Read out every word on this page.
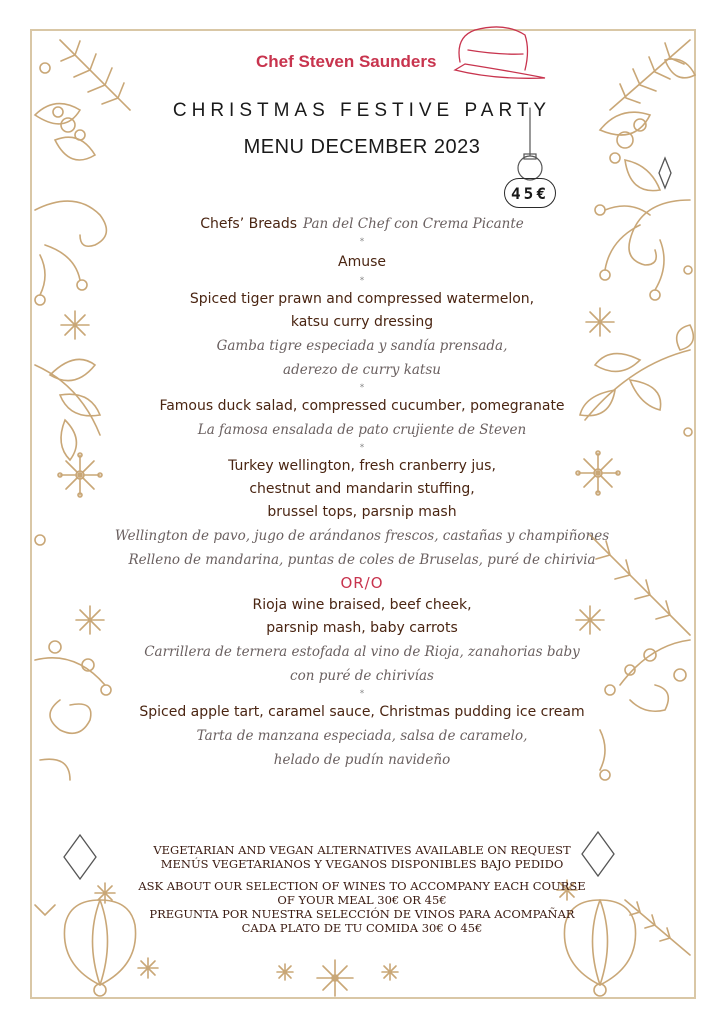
Chef Steven Saunders
CHRISTMAS FESTIVE PARTY
MENU DECEMBER 2023
45€

Chefs’ Breads Pan del Chef con Crema Picante

*

Amuse

*

Spiced tiger prawn and compressed watermelon,

katsu curry dressing

Gamba tigre especiada y sandía prensada,

aderezo de curry katsu

*

Famous duck salad, compressed cucumber, pomegranate

La famosa ensalada de pato crujiente de Steven

*

Turkey wellington, fresh cranberry jus,

chestnut and mandarin stuffing,

brussel tops, parsnip mash

Wellington de pavo, jugo de arándanos frescos, castañas y champiñones

Relleno de mandarina, puntas de coles de Bruselas, puré de chirivia

OR/O

Rioja wine braised, beef cheek,

parsnip mash, baby carrots

Carrillera de ternera estofada al vino de Rioja, zanahorias baby

con puré de chirivías

*

Spiced apple tart, caramel sauce, Christmas pudding ice cream

Tarta de manzana especiada, salsa de caramelo,

helado de pudín navideño

VEGETARIAN AND VEGAN ALTERNATIVES AVAILABLE ON REQUEST

MENÚS VEGETARIANOS Y VEGANOS DISPONIBLES BAJO PEDIDO

ASK ABOUT OUR SELECTION OF WINES TO ACCOMPANY EACH COURSE

OF YOUR MEAL 30€ OR 45€

PREGUNTA POR NUESTRA SELECCIÓN DE VINOS PARA ACOMPAÑAR

CADA PLATO DE TU COMIDA 30€ O 45€
